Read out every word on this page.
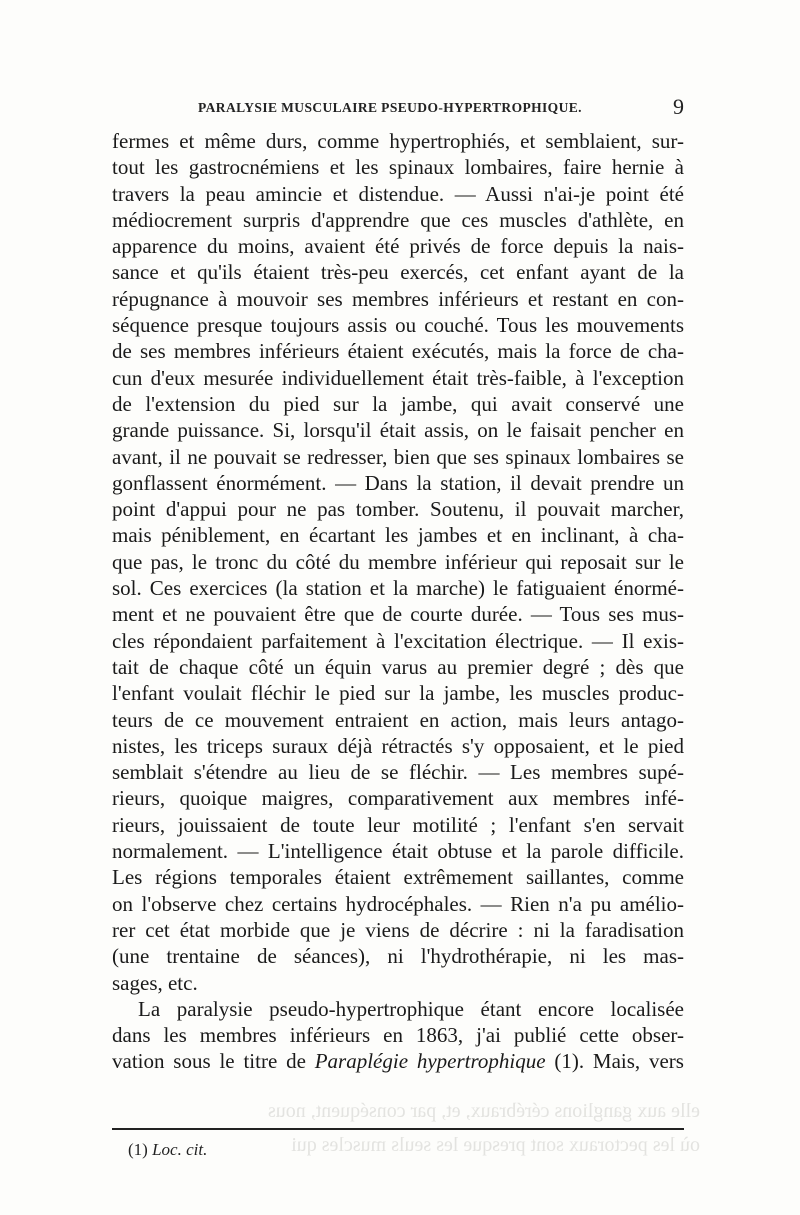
elle aux ganglions cérébraux, et, par conséquent, nous
où les pectoraux sont presque les seuls muscles qui
PARALYSIE MUSCULAIRE PSEUDO-HYPERTROPHIQUE.	9
fermes et même durs, comme hypertrophiés, et semblaient, sur-
tout les gastrocnémiens et les spinaux lombaires, faire hernie à
travers la peau amincie et distendue. — Aussi n'ai-je point été
médiocrement surpris d'apprendre que ces muscles d'athlète, en
apparence du moins, avaient été privés de force depuis la nais-
sance et qu'ils étaient très-peu exercés, cet enfant ayant de la
répugnance à mouvoir ses membres inférieurs et restant en con-
séquence presque toujours assis ou couché. Tous les mouvements
de ses membres inférieurs étaient exécutés, mais la force de cha-
cun d'eux mesurée individuellement était très-faible, à l'exception
de l'extension du pied sur la jambe, qui avait conservé une
grande puissance. Si, lorsqu'il était assis, on le faisait pencher en
avant, il ne pouvait se redresser, bien que ses spinaux lombaires se
gonflassent énormément. — Dans la station, il devait prendre un
point d'appui pour ne pas tomber. Soutenu, il pouvait marcher,
mais péniblement, en écartant les jambes et en inclinant, à cha-
que pas, le tronc du côté du membre inférieur qui reposait sur le
sol. Ces exercices (la station et la marche) le fatiguaient énormé-
ment et ne pouvaient être que de courte durée. — Tous ses mus-
cles répondaient parfaitement à l'excitation électrique. — Il exis-
tait de chaque côté un équin varus au premier degré ; dès que
l'enfant voulait fléchir le pied sur la jambe, les muscles produc-
teurs de ce mouvement entraient en action, mais leurs antago-
nistes, les triceps suraux déjà rétractés s'y opposaient, et le pied
semblait s'étendre au lieu de se fléchir. — Les membres supé-
rieurs, quoique maigres, comparativement aux membres infé-
rieurs, jouissaient de toute leur motilité ; l'enfant s'en servait
normalement. — L'intelligence était obtuse et la parole difficile.
Les régions temporales étaient extrêmement saillantes, comme
on l'observe chez certains hydrocéphales. — Rien n'a pu amélio-
rer cet état morbide que je viens de décrire : ni la faradisation
(une trentaine de séances), ni l'hydrothérapie, ni les mas-
sages, etc.
La paralysie pseudo-hypertrophique étant encore localisée
dans les membres inférieurs en 1863, j'ai publié cette obser-
vation sous le titre de Paraplégie hypertrophique (1). Mais, vers
(1) Loc. cit.
